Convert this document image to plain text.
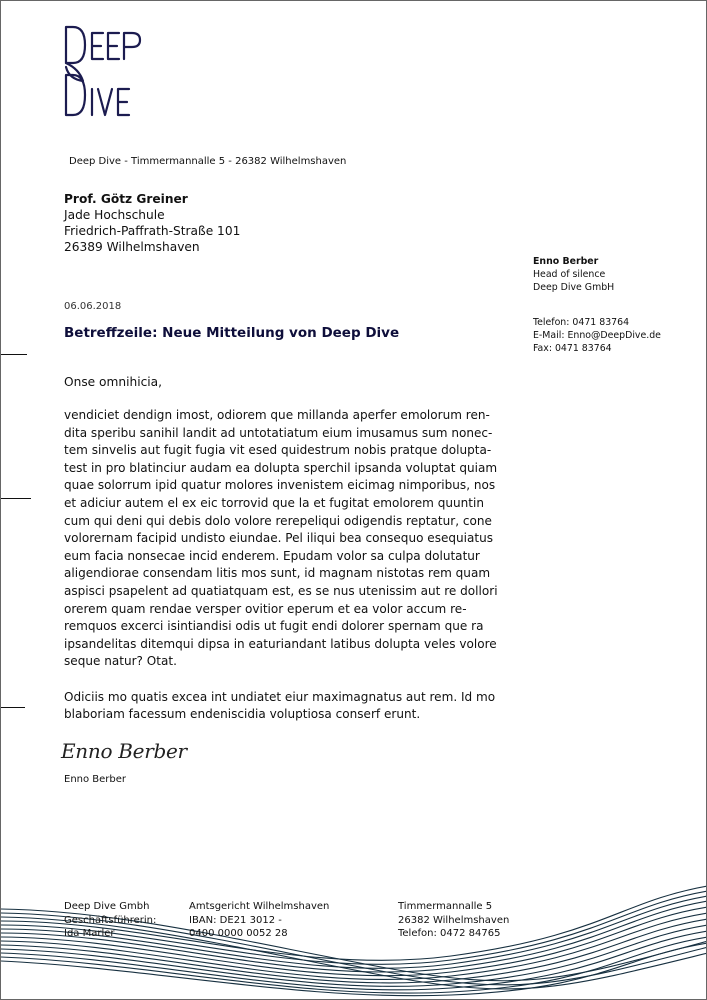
Deep Dive - Timmermannalle 5 - 26382 Wilhelmshaven
Prof. Götz Greiner
Jade Hochschule
Friedrich-Paffrath-Straße 101
26389 Wilhelmshaven
Enno Berber
Head of silence
Deep Dive GmbH
Telefon: 0471 83764
E-Mail: Enno@DeepDive.de
Fax: 0471 83764
06.06.2018
Betreffzeile: Neue Mitteilung von Deep Dive
Onse omnihicia,

vendiciet dendign imost, odiorem que millanda aperfer emolorum ren-
dita speribu sanihil landit ad untotatiatum eium imusamus sum nonec-
tem sinvelis aut fugit fugia vit esed quidestrum nobis pratque dolupta-
test in pro blatinciur audam ea dolupta sperchil ipsanda voluptat quiam
quae solorrum ipid quatur molores invenistem eicimag nimporibus, nos
et adiciur autem el ex eic torrovid que la et fugitat emolorem quuntin
cum qui deni qui debis dolo volore rerepeliqui odigendis reptatur, cone
volorernam facipid undisto eiundae. Pel iliqui bea consequo esequiatus
eum facia nonsecae incid enderem. Epudam volor sa culpa dolutatur
aligendiorae consendam litis mos sunt, id magnam nistotas rem quam
aspisci psapelent ad quatiatquam est, es se nus utenissim aut re dollori
orerem quam rendae versper ovitior eperum et ea volor accum re-
remquos excerci isintiandisi odis ut fugit endi dolorer spernam que ra
ipsandelitas ditemqui dipsa in eaturiandant latibus dolupta veles volore
seque natur? Otat.

Odiciis mo quatis excea int undiatet eiur maximagnatus aut rem. Id mo
blaboriam facessum endeniscidia voluptiosa conserf erunt.

Enno Berber
Enno Berber
Deep Dive Gmbh
Geschäftsführerin:
Ida Marler
Amtsgericht Wilhelmshaven
IBAN: DE21 3012 -
0400 0000 0052 28
Timmermannalle 5
26382 Wilhelmshaven
Telefon: 0472 84765
